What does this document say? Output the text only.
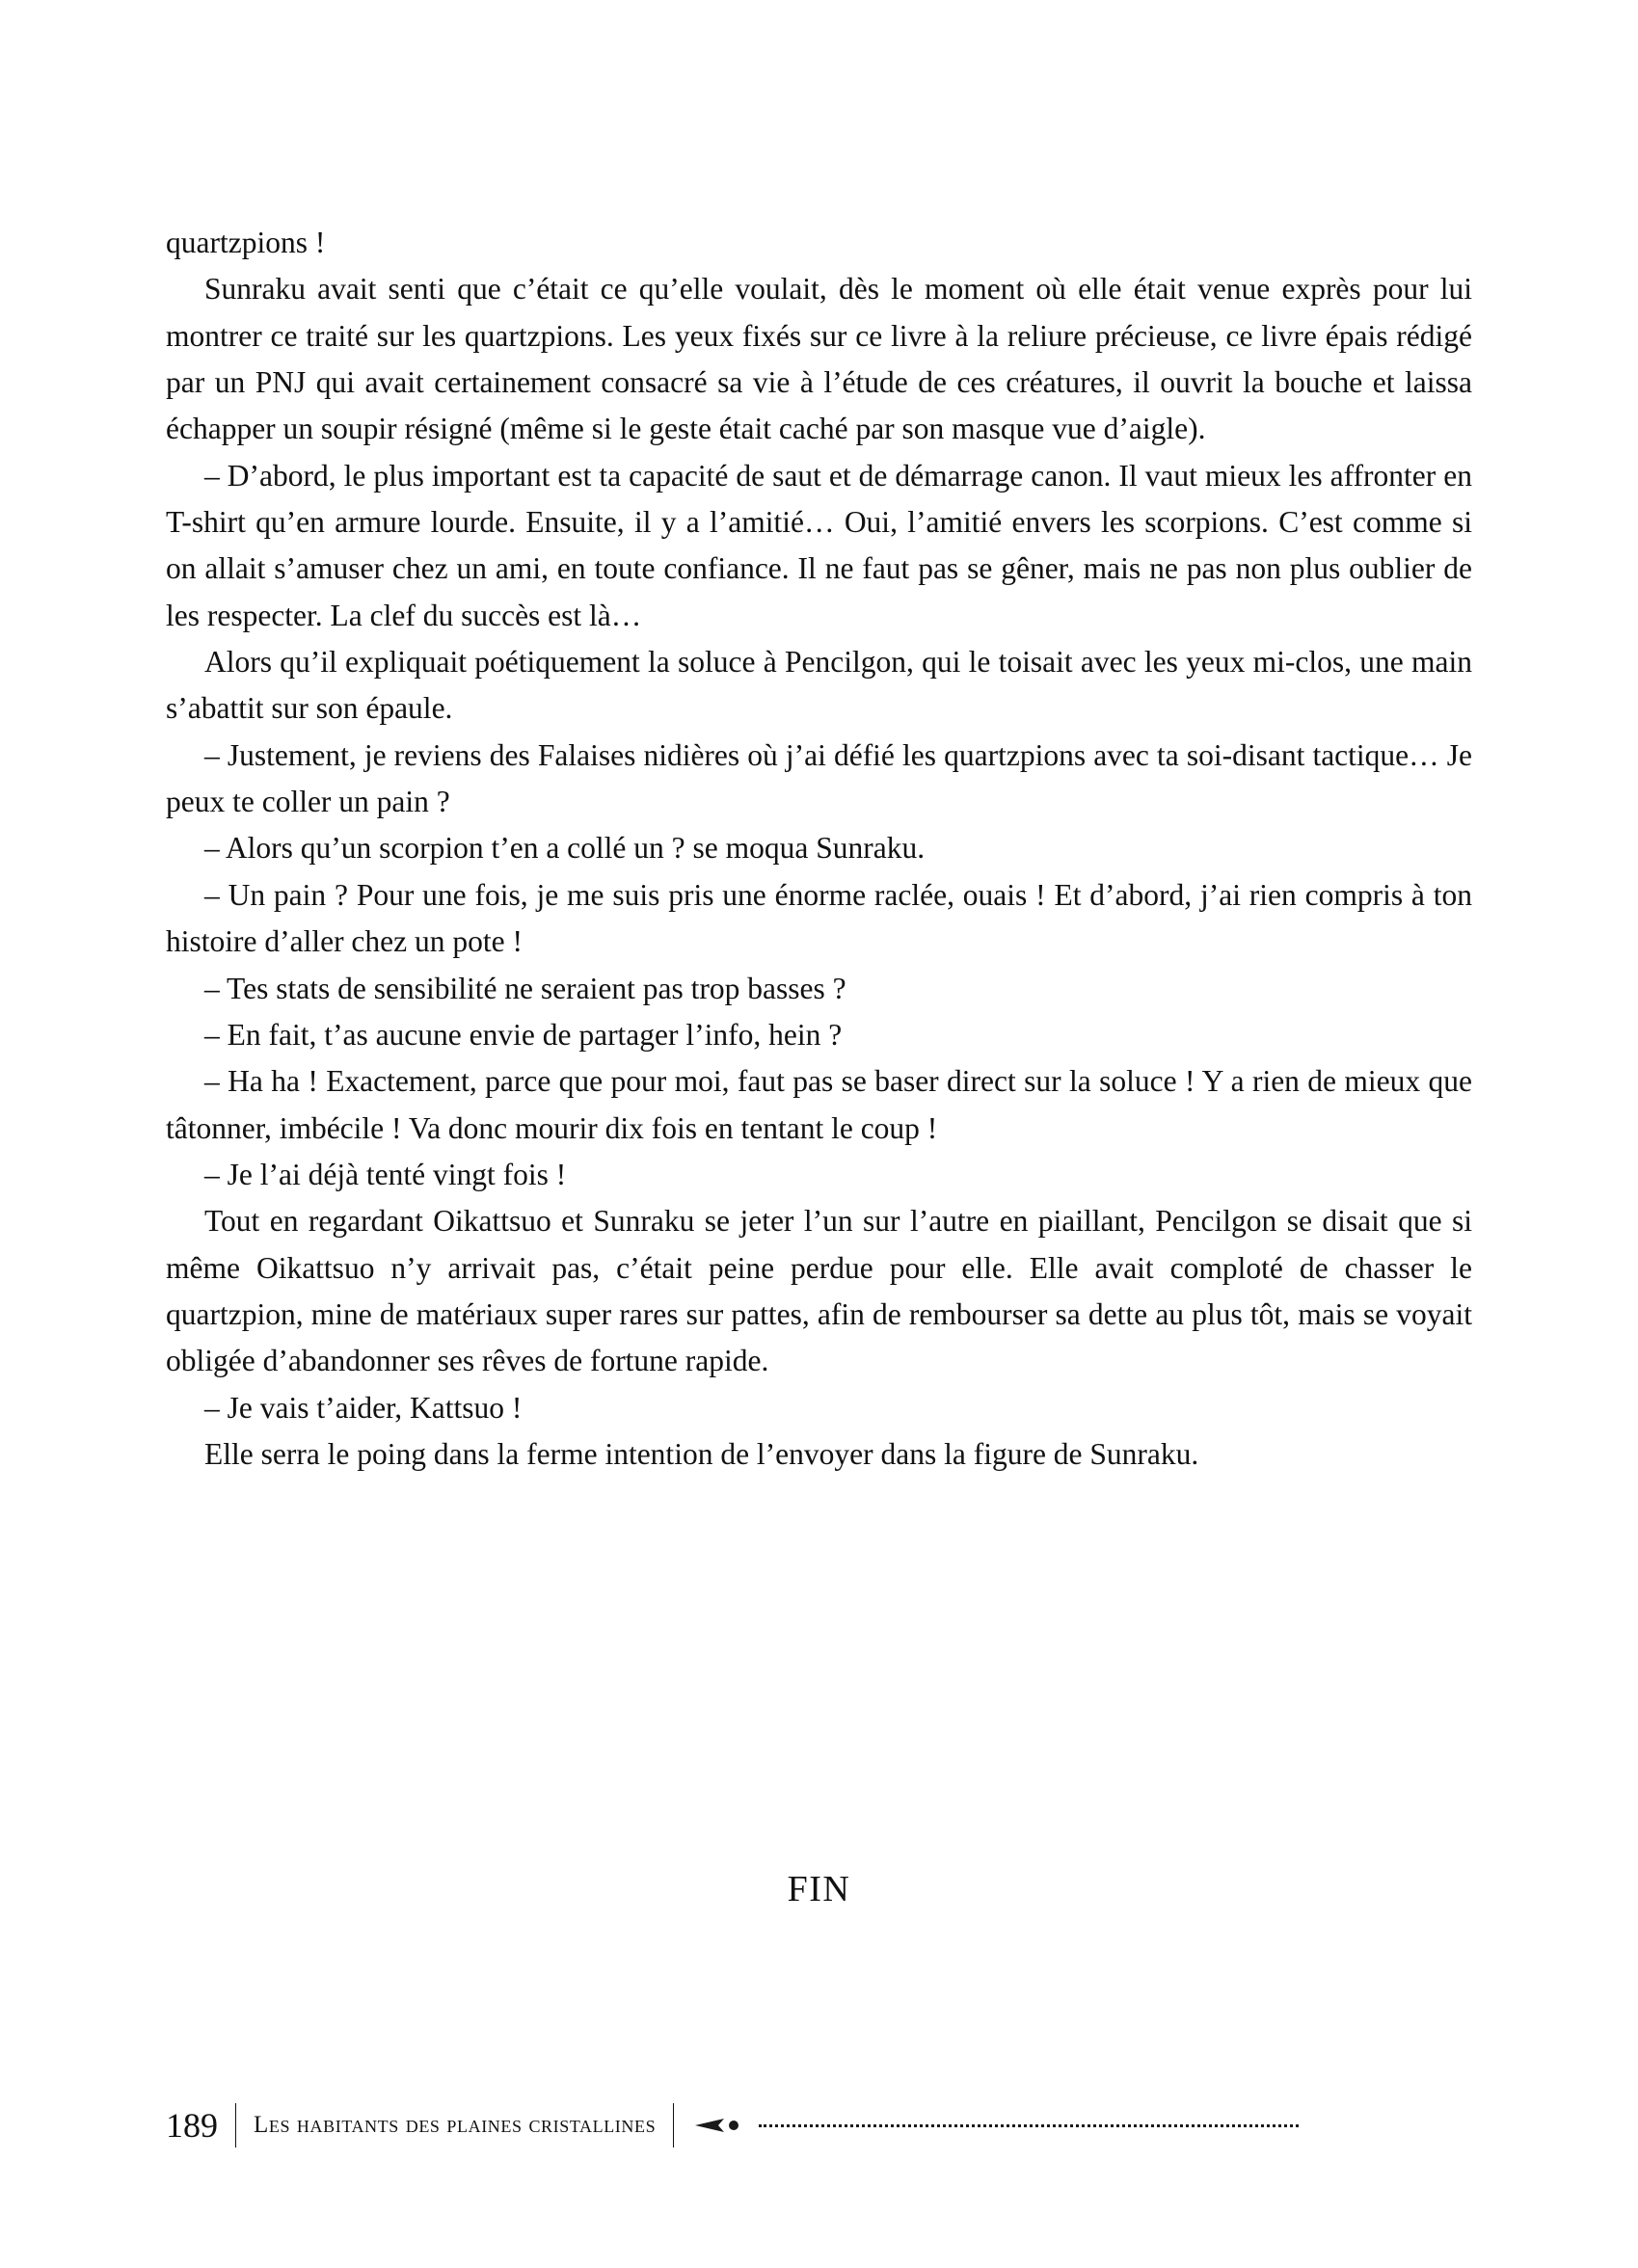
quartzpions !

Sunraku avait senti que c’était ce qu’elle voulait, dès le moment où elle était venue exprès pour lui montrer ce traité sur les quartzpions. Les yeux fixés sur ce livre à la reliure précieuse, ce livre épais rédigé par un PNJ qui avait certainement consacré sa vie à l’étude de ces créatures, il ouvrit la bouche et laissa échapper un soupir résigné (même si le geste était caché par son masque vue d’aigle).

– D’abord, le plus important est ta capacité de saut et de démarrage canon. Il vaut mieux les affronter en T-shirt qu’en armure lourde. Ensuite, il y a l’amitié… Oui, l’amitié envers les scorpions. C’est comme si on allait s’amuser chez un ami, en toute confiance. Il ne faut pas se gêner, mais ne pas non plus oublier de les respecter. La clef du succès est là…

Alors qu’il expliquait poétiquement la soluce à Pencilgon, qui le toisait avec les yeux mi-clos, une main s’abattit sur son épaule.

– Justement, je reviens des Falaises nidières où j’ai défié les quartzpions avec ta soi-disant tactique… Je peux te coller un pain ?

– Alors qu’un scorpion t’en a collé un ? se moqua Sunraku.

– Un pain ? Pour une fois, je me suis pris une énorme raclée, ouais ! Et d’abord, j’ai rien compris à ton histoire d’aller chez un pote !

– Tes stats de sensibilité ne seraient pas trop basses ?

– En fait, t’as aucune envie de partager l’info, hein ?

– Ha ha ! Exactement, parce que pour moi, faut pas se baser direct sur la soluce ! Y a rien de mieux que tâtonner, imbécile ! Va donc mourir dix fois en tentant le coup !

– Je l’ai déjà tenté vingt fois !

Tout en regardant Oikattsuo et Sunraku se jeter l’un sur l’autre en piaillant, Pencilgon se disait que si même Oikattsuo n’y arrivait pas, c’était peine perdue pour elle. Elle avait comploté de chasser le quartzpion, mine de matériaux super rares sur pattes, afin de rembourser sa dette au plus tôt, mais se voyait obligée d’abandonner ses rêves de fortune rapide.

– Je vais t’aider, Kattsuo !

Elle serra le poing dans la ferme intention de l’envoyer dans la figure de Sunraku.

FIN
189	Les habitants des plaines cristallines
